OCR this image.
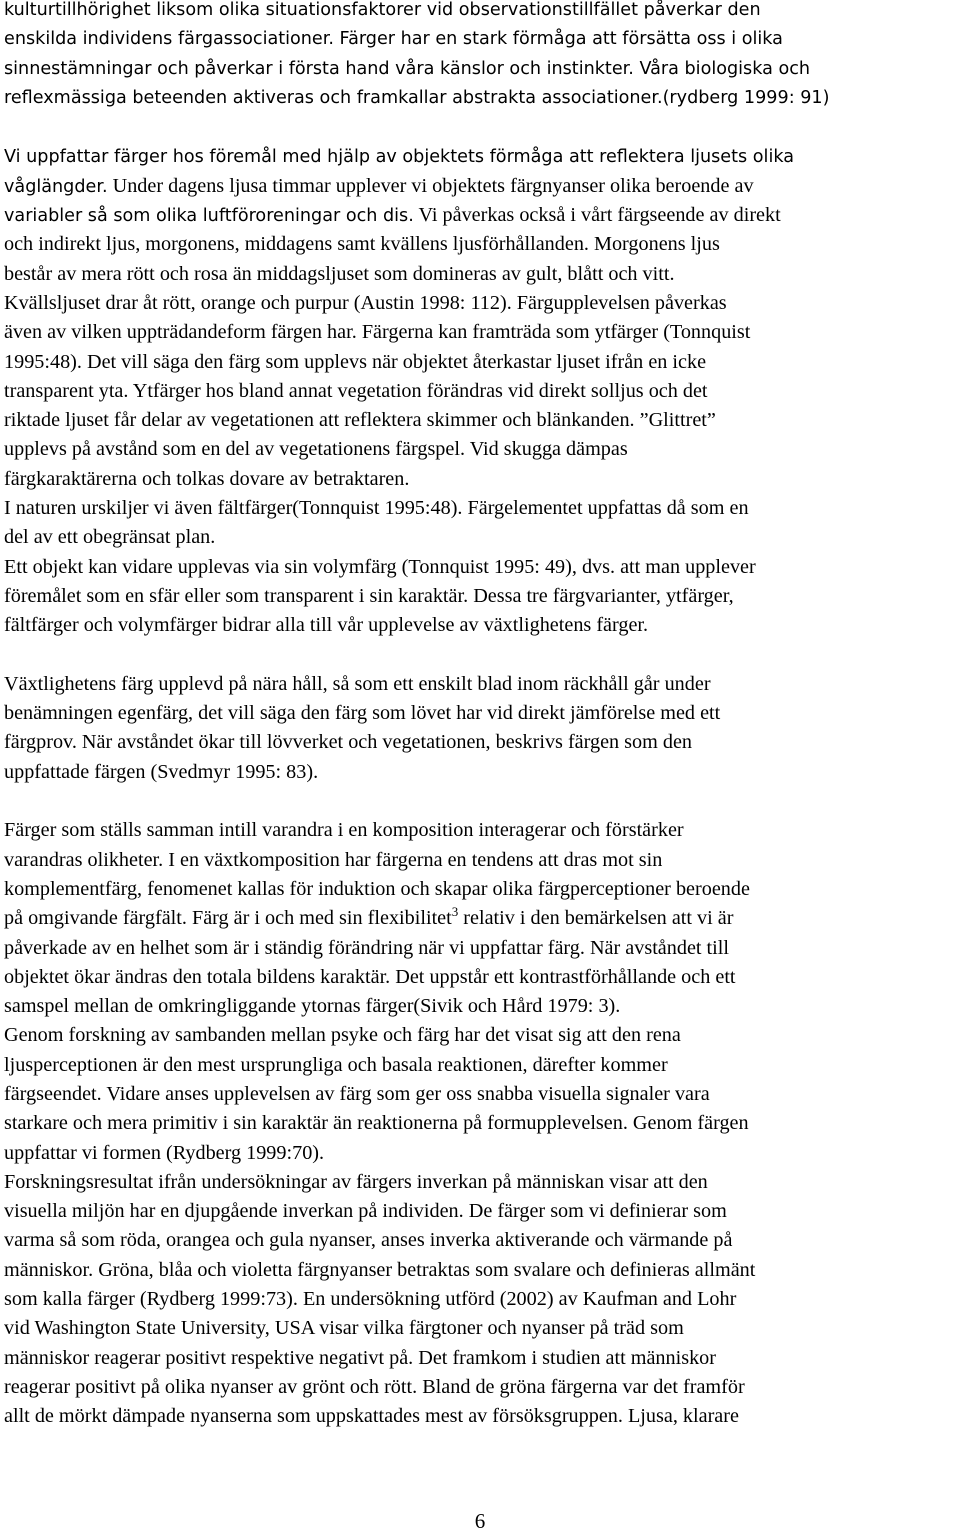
kulturtillhörighet liksom olika situationsfaktorer vid observationstillfället påverkar den
enskilda individens färgassociationer. Färger har en stark förmåga att försätta oss i olika
sinnestämningar och påverkar i första hand våra känslor och instinkter. Våra biologiska och
reflexmässiga beteenden aktiveras och framkallar abstrakta associationer.(rydberg 1999: 91)
Vi uppfattar färger hos föremål med hjälp av objektets förmåga att reflektera ljusets olika
våglängder. Under dagens ljusa timmar upplever vi objektets färgnyanser olika beroende av
variabler så som olika luftföroreningar och dis. Vi påverkas också i vårt färgseende av direkt
och indirekt ljus, morgonens, middagens samt kvällens ljusförhållanden. Morgonens ljus
består av mera rött och rosa än middagsljuset som domineras av gult, blått och vitt.
Kvällsljuset drar åt rött, orange och purpur (Austin 1998: 112). Färgupplevelsen påverkas
även av vilken uppträdandeform färgen har. Färgerna kan framträda som ytfärger (Tonnquist
1995:48). Det vill säga den färg som upplevs när objektet återkastar ljuset ifrån en icke
transparent yta. Ytfärger hos bland annat vegetation förändras vid direkt solljus och det
riktade ljuset får delar av vegetationen att reflektera skimmer och blänkanden. ”Glittret”
upplevs på avstånd som en del av vegetationens färgspel. Vid skugga dämpas
färgkaraktärerna och tolkas dovare av betraktaren.
I naturen urskiljer vi även fältfärger(Tonnquist 1995:48). Färgelementet uppfattas då som en
del av ett obegränsat plan.
Ett objekt kan vidare upplevas via sin volymfärg (Tonnquist 1995: 49), dvs. att man upplever
föremålet som en sfär eller som transparent i sin karaktär. Dessa tre färgvarianter, ytfärger,
fältfärger och volymfärger bidrar alla till vår upplevelse av växtlighetens färger.
Växtlighetens färg upplevd på nära håll, så som ett enskilt blad inom räckhåll går under
benämningen egenfärg, det vill säga den färg som lövet har vid direkt jämförelse med ett
färgprov. När avståndet ökar till lövverket och vegetationen, beskrivs färgen som den
uppfattade färgen (Svedmyr 1995: 83).
Färger som ställs samman intill varandra i en komposition interagerar och förstärker
varandras olikheter. I en växtkomposition har färgerna en tendens att dras mot sin
komplementfärg, fenomenet kallas för induktion och skapar olika färgperceptioner beroende
på omgivande färgfält. Färg är i och med sin flexibilitet$^3$ relativ i den bemärkelsen att vi är
påverkade av en helhet som är i ständig förändring när vi uppfattar färg. När avståndet till
objektet ökar ändras den totala bildens karaktär. Det uppstår ett kontrastförhållande och ett
samspel mellan de omkringliggande ytornas färger(Sivik och Hård 1979: 3).
Genom forskning av sambanden mellan psyke och färg har det visat sig att den rena
ljusperceptionen är den mest ursprungliga och basala reaktionen, därefter kommer
färgseendet. Vidare anses upplevelsen av färg som ger oss snabba visuella signaler vara
starkare och mera primitiv i sin karaktär än reaktionerna på formupplevelsen. Genom färgen
uppfattar vi formen (Rydberg 1999:70).
Forskningsresultat ifrån undersökningar av färgers inverkan på människan visar att den
visuella miljön har en djupgående inverkan på individen. De färger som vi definierar som
varma så som röda, orangea och gula nyanser, anses inverka aktiverande och värmande på
människor. Gröna, blåa och violetta färgnyanser betraktas som svalare och definieras allmänt
som kalla färger (Rydberg 1999:73). En undersökning utförd (2002) av Kaufman and Lohr
vid Washington State University, USA visar vilka färgtoner och nyanser på träd som
människor reagerar positivt respektive negativt på. Det framkom i studien att människor
reagerar positivt på olika nyanser av grönt och rött. Bland de gröna färgerna var det framför
allt de mörkt dämpade nyanserna som uppskattades mest av försöksgruppen. Ljusa, klarare
6
